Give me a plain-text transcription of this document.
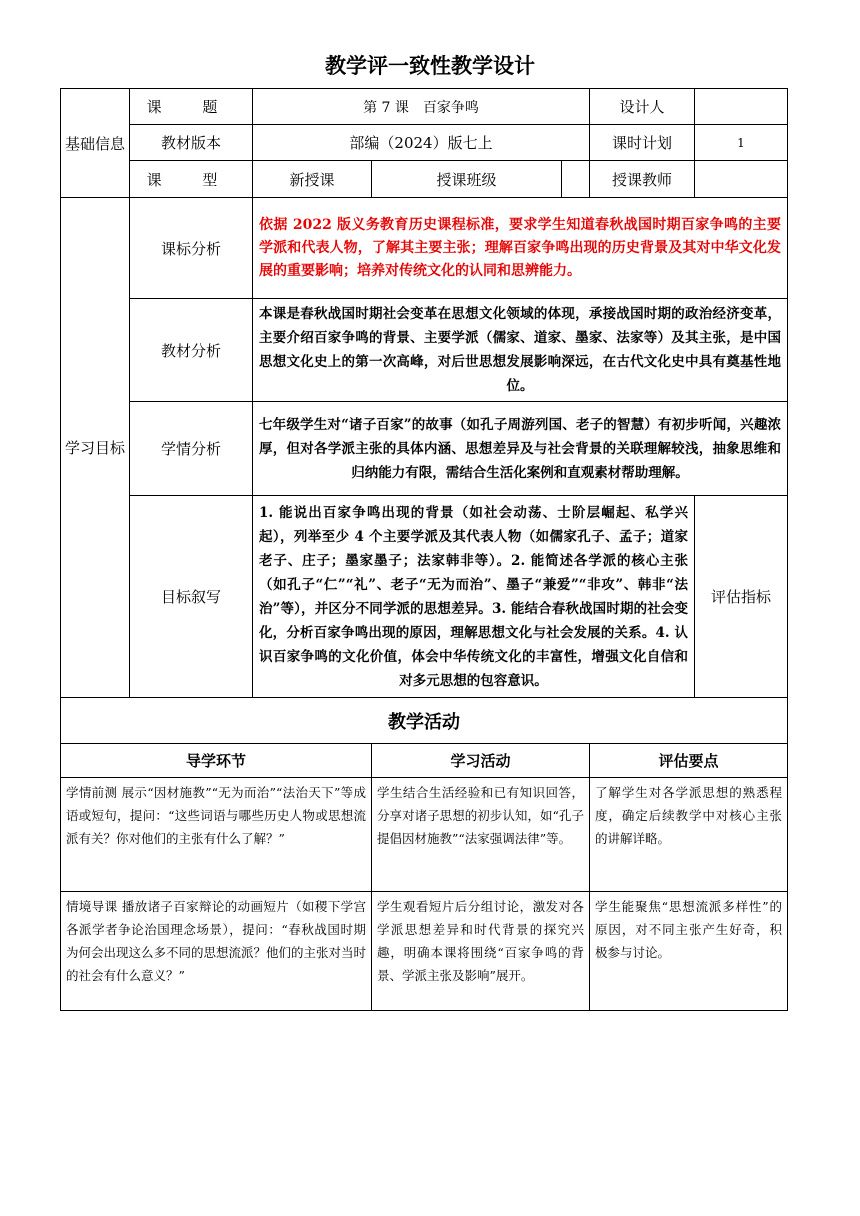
教学评一致性教学设计
基础信息	课 题	第 7 课　百家争鸣			设计人	
	教材版本	部编（2024）版七上			课时计划	1
	课 型	新授课	授课班级		授课教师	
学习目标	课标分析	依据 2022 版义务教育历史课程标准，要求学生知道春秋战国时期百家争鸣的主要学派和代表人物，了解其主要主张；理解百家争鸣出现的历史背景及其对中华文化发展的重要影响；培养对传统文化的认同和思辨能力。				
	教材分析	本课是春秋战国时期社会变革在思想文化领域的体现，承接战国时期的政治经济变革，主要介绍百家争鸣的背景、主要学派（儒家、道家、墨家、法家等）及其主张，是中国思想文化史上的第一次高峰，对后世思想发展影响深远，在古代文化史中具有奠基性地位。				
	学情分析	七年级学生对“诸子百家”的故事（如孔子周游列国、老子的智慧）有初步听闻，兴趣浓厚，但对各学派主张的具体内涵、思想差异及与社会背景的关联理解较浅，抽象思维和归纳能力有限，需结合生活化案例和直观素材帮助理解。				
	目标叙写	1. 能说出百家争鸣出现的背景（如社会动荡、士阶层崛起、私学兴起），列举至少 4 个主要学派及其代表人物（如儒家孔子、孟子；道家老子、庄子；墨家墨子；法家韩非等）。2. 能简述各学派的核心主张（如孔子“仁”“礼”、老子“无为而治”、墨子“兼爱”“非攻”、韩非“法治”等），并区分不同学派的思想差异。3. 能结合春秋战国时期的社会变化，分析百家争鸣出现的原因，理解思想文化与社会发展的关系。4. 认识百家争鸣的文化价值，体会中华传统文化的丰富性，增强文化自信和对多元思想的包容意识。				评估指标
教学活动						
导学环节			学习活动		评估要点	
学情前测 展示“因材施教”“无为而治”“法治天下”等成语或短句，提问：“这些词语与哪些历史人物或思想流派有关？你对他们的主张有什么了解？”			学生结合生活经验和已有知识回答，分享对诸子思想的初步认知，如“孔子提倡因材施教”“法家强调法律”等。		了解学生对各学派思想的熟悉程度，确定后续教学中对核心主张的讲解详略。	
情境导课 播放诸子百家辩论的动画短片（如稷下学宫各派学者争论治国理念场景），提问：“春秋战国时期为何会出现这么多不同的思想流派？他们的主张对当时的社会有什么意义？”			学生观看短片后分组讨论，激发对各学派思想差异和时代背景的探究兴趣，明确本课将围绕“百家争鸣的背景、学派主张及影响”展开。		学生能聚焦“思想流派多样性”的原因，对不同主张产生好奇，积极参与讨论。	
